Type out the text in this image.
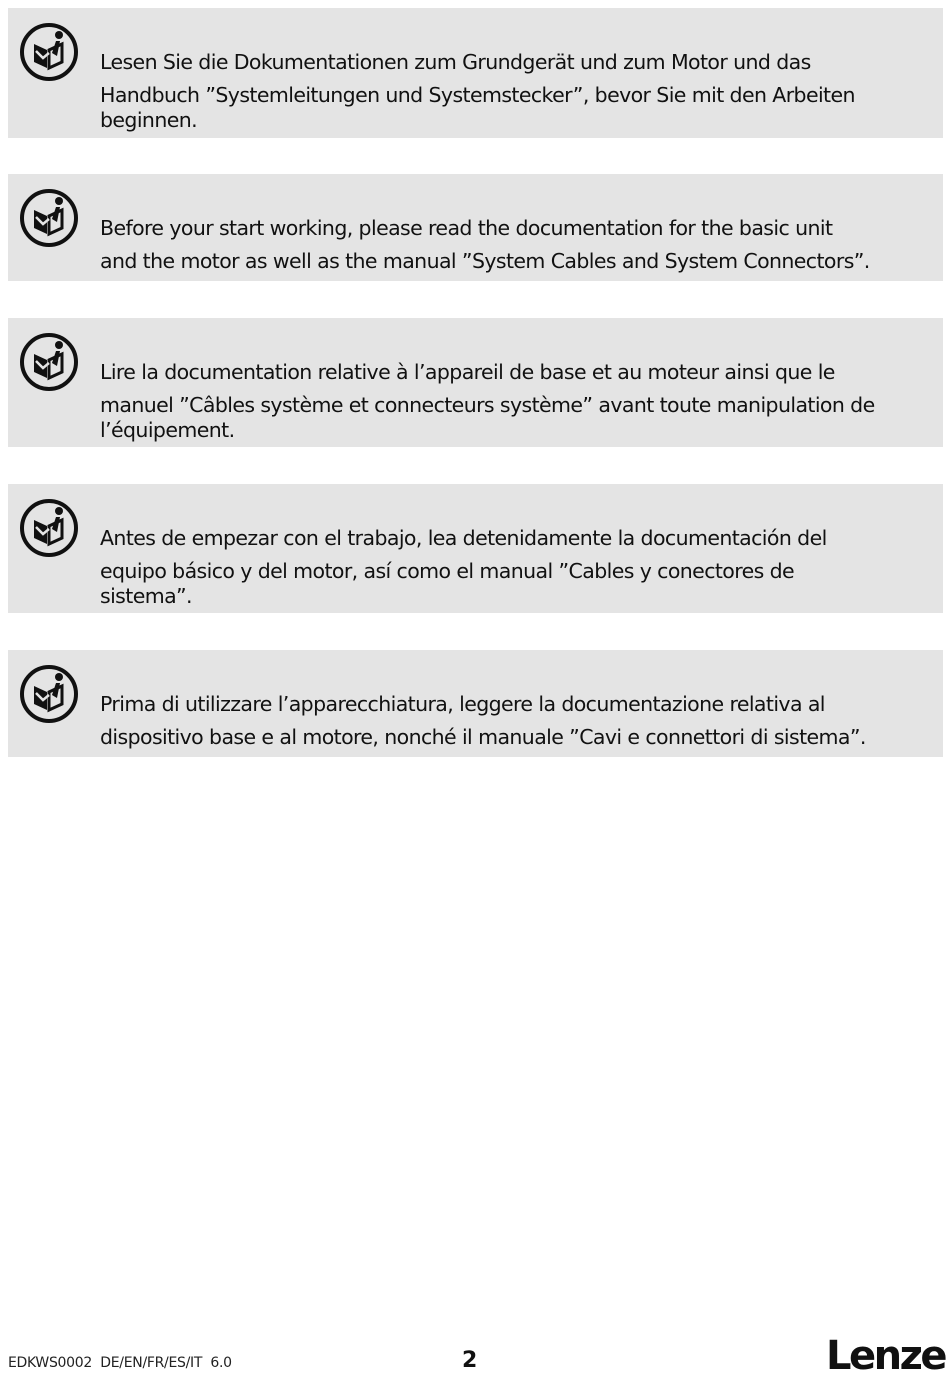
Lesen Sie die Dokumentationen zum Grundgerät und zum Motor und das
Handbuch ”Systemleitungen und Systemstecker”, bevor Sie mit den Arbeiten
beginnen.

Before your start working, please read the documentation for the basic unit
and the motor as well as the manual ”System Cables and System Connectors”.

Lire la documentation relative à l’appareil de base et au moteur ainsi que le
manuel ”Câbles système et connecteurs système” avant toute manipulation de
l’équipement.

Antes de empezar con el trabajo, lea detenidamente la documentación del
equipo básico y del motor, así como el manual ”Cables y conectores de
sistema”.

Prima di utilizzare l’apparecchiatura, leggere la documentazione relativa al
dispositivo base e al motore, nonché il manuale ”Cavi e connettori di sistema”.

EDKWS0002 DE/EN/FR/ES/IT 6.0	2	Lenze
